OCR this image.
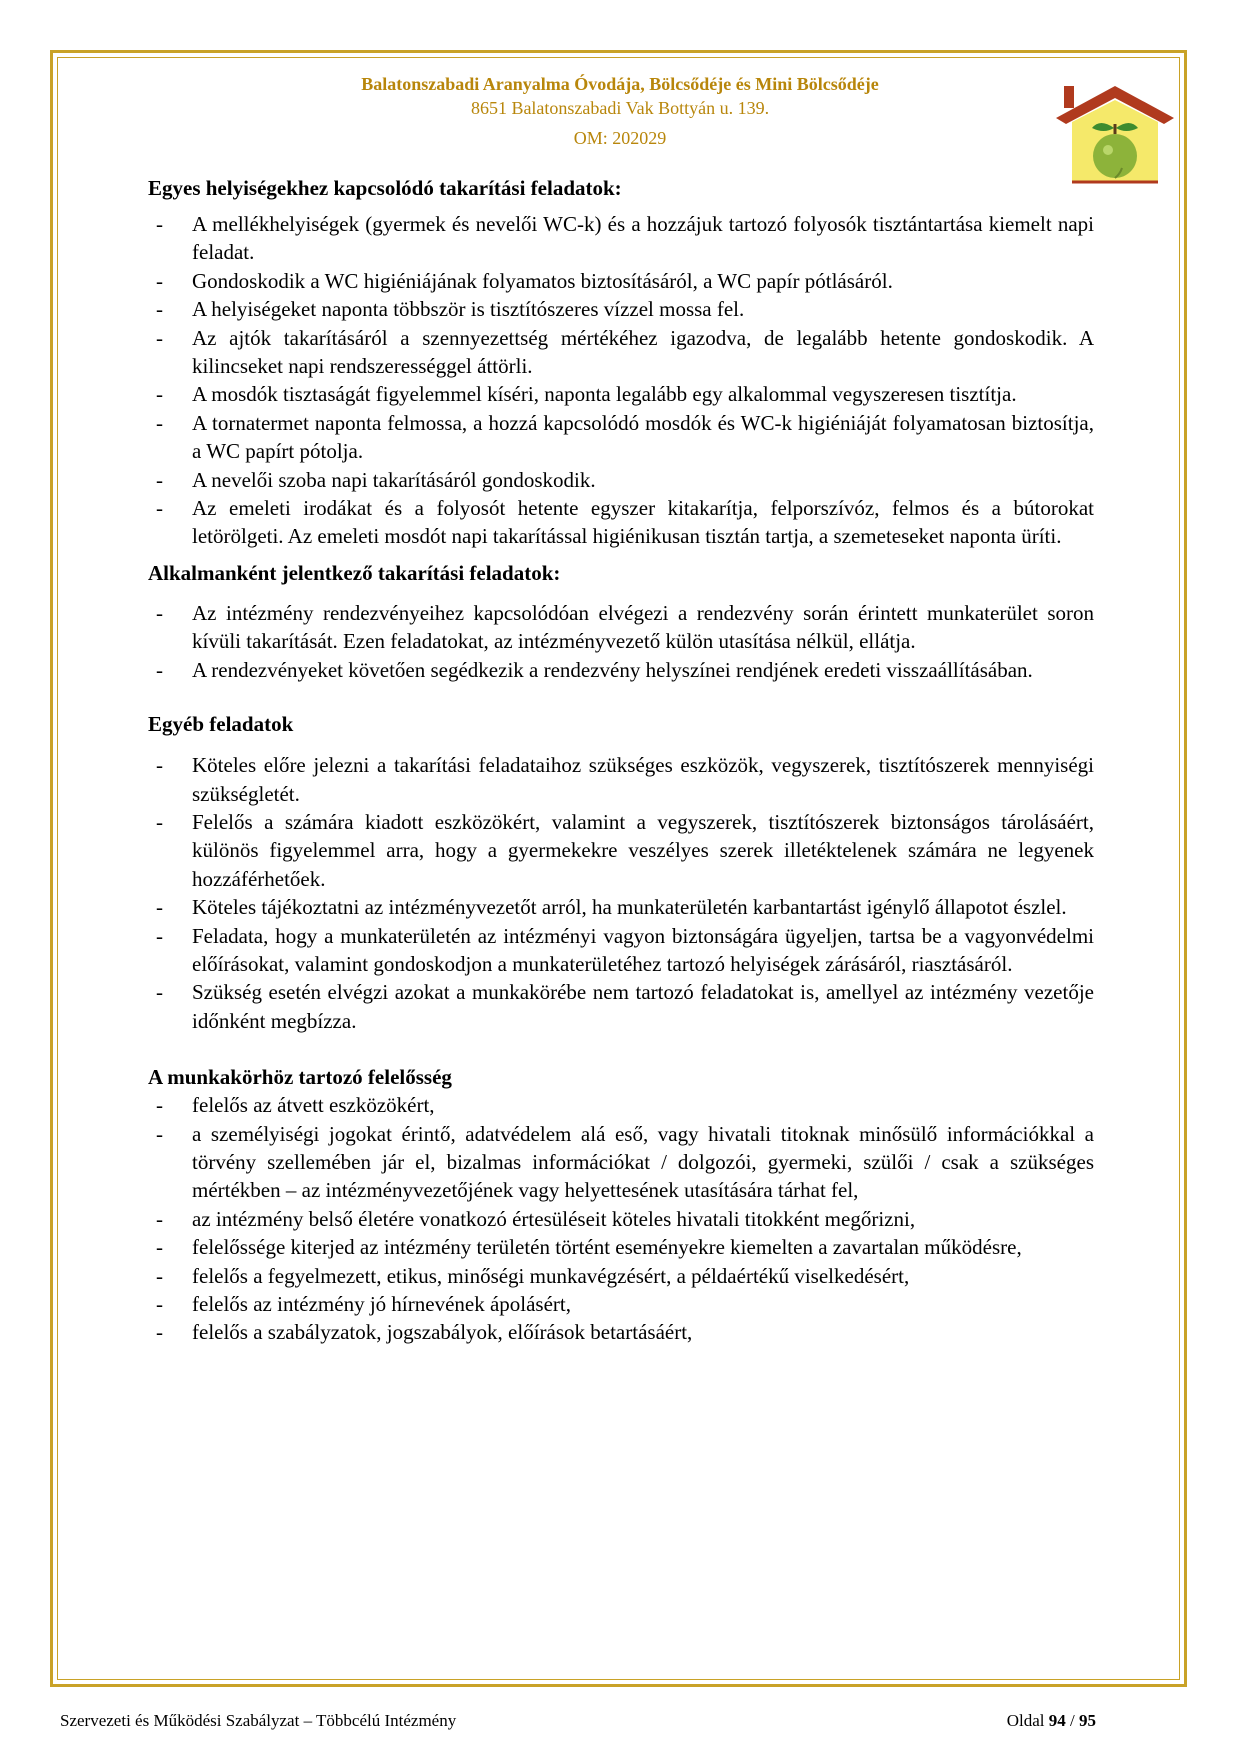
Balatonszabadi Aranyalma Óvodája, Bölcsődéje és Mini Bölcsődéje
8651 Balatonszabadi Vak Bottyán u. 139.
OM: 202029
Egyes helyiségekhez kapcsolódó takarítási feladatok:
- A mellékhelyiségek (gyermek és nevelői WC-k) és a hozzájuk tartozó folyosók tisztántartása kiemelt napi feladat.
- Gondoskodik a WC higiéniájának folyamatos biztosításáról, a WC papír pótlásáról.
- A helyiségeket naponta többször is tisztítószeres vízzel mossa fel.
- Az ajtók takarításáról a szennyezettség mértékéhez igazodva, de legalább hetente gondoskodik. A kilincseket napi rendszerességgel áttörli.
- A mosdók tisztaságát figyelemmel kíséri, naponta legalább egy alkalommal vegyszeresen tisztítja.
- A tornatermet naponta felmossa, a hozzá kapcsolódó mosdók és WC-k higiéniáját folyamatosan biztosítja, a WC papírt pótolja.
- A nevelői szoba napi takarításáról gondoskodik.
- Az emeleti irodákat és a folyosót hetente egyszer kitakarítja, felporszívóz, felmos és a bútorokat letörölgeti. Az emeleti mosdót napi takarítással higiénikusan tisztán tartja, a szemeteseket naponta üríti.
Alkalmanként jelentkező takarítási feladatok:
- Az intézmény rendezvényeihez kapcsolódóan elvégezi a rendezvény során érintett munkaterület soron kívüli takarítását. Ezen feladatokat, az intézményvezető külön utasítása nélkül, ellátja.
- A rendezvényeket követően segédkezik a rendezvény helyszínei rendjének eredeti visszaállításában.
Egyéb feladatok
- Köteles előre jelezni a takarítási feladataihoz szükséges eszközök, vegyszerek, tisztítószerek mennyiségi szükségletét.
- Felelős a számára kiadott eszközökért, valamint a vegyszerek, tisztítószerek biztonságos tárolásáért, különös figyelemmel arra, hogy a gyermekekre veszélyes szerek illetéktelenek számára ne legyenek hozzáférhetőek.
- Köteles tájékoztatni az intézményvezetőt arról, ha munkaterületén karbantartást igénylő állapotot észlel.
- Feladata, hogy a munkaterületén az intézményi vagyon biztonságára ügyeljen, tartsa be a vagyonvédelmi előírásokat, valamint gondoskodjon a munkaterületéhez tartozó helyiségek zárásáról, riasztásáról.
- Szükség esetén elvégzi azokat a munkakörébe nem tartozó feladatokat is, amellyel az intézmény vezetője időnként megbízza.
A munkakörhöz tartozó felelősség
- felelős az átvett eszközökért,
- a személyiségi jogokat érintő, adatvédelem alá eső, vagy hivatali titoknak minősülő információkkal a törvény szellemében jár el, bizalmas információkat / dolgozói, gyermeki, szülői / csak a szükséges mértékben – az intézményvezetőjének vagy helyettesének utasítására tárhat fel,
- az intézmény belső életére vonatkozó értesüléseit köteles hivatali titokként megőrizni,
- felelőssége kiterjed az intézmény területén történt eseményekre kiemelten a zavartalan működésre,
- felelős a fegyelmezett, etikus, minőségi munkavégzésért, a példaértékű viselkedésért,
- felelős az intézmény jó hírnevének ápolásért,
- felelős a szabályzatok, jogszabályok, előírások betartásáért,
Szervezeti és Működési Szabályzat – Többcélú Intézmény	Oldal 94 / 95
